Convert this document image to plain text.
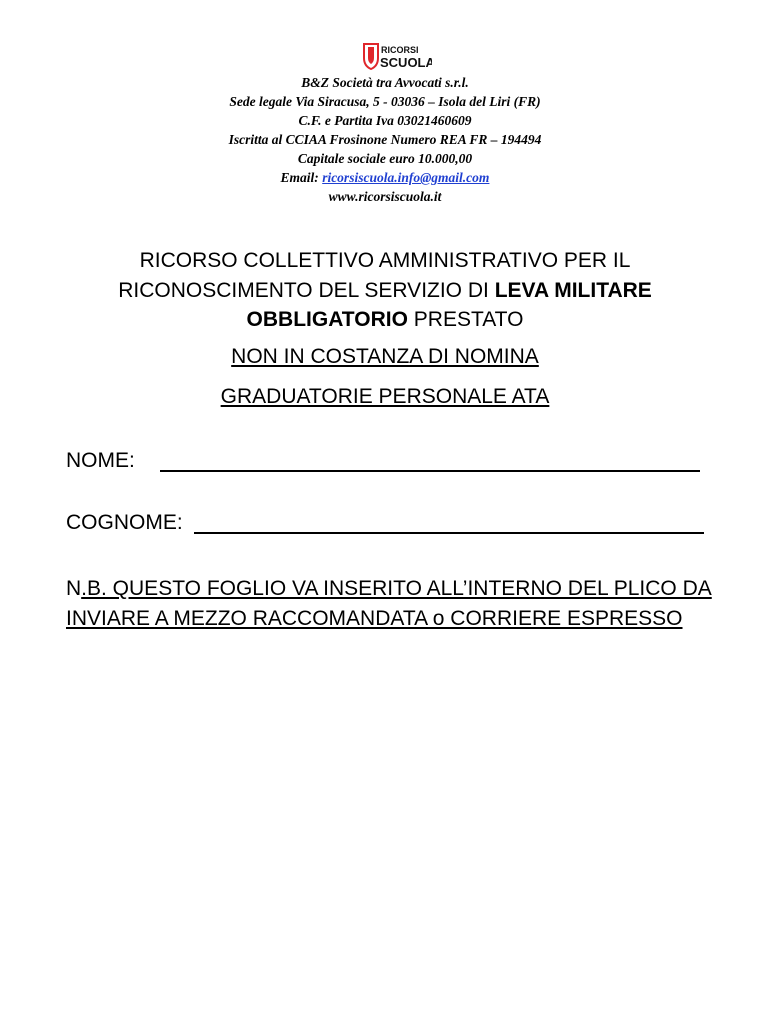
RICORSI
SCUOLA
B&Z Società tra Avvocati s.r.l.
Sede legale Via Siracusa, 5 - 03036 – Isola del Liri (FR)
C.F. e Partita Iva 03021460609
Iscritta al CCIAA Frosinone Numero REA FR – 194494
Capitale sociale euro 10.000,00
Email: ricorsiscuola.info@gmail.com
www.ricorsiscuola.it
RICORSO COLLETTIVO AMMINISTRATIVO PER IL
RICONOSCIMENTO DEL SERVIZIO DI LEVA MILITARE
OBBLIGATORIO PRESTATO
NON IN COSTANZA DI NOMINA
GRADUATORIE PERSONALE ATA
NOME:
COGNOME:
N.B. QUESTO FOGLIO VA INSERITO ALL’INTERNO DEL PLICO DA
INVIARE A MEZZO RACCOMANDATA o CORRIERE ESPRESSO
